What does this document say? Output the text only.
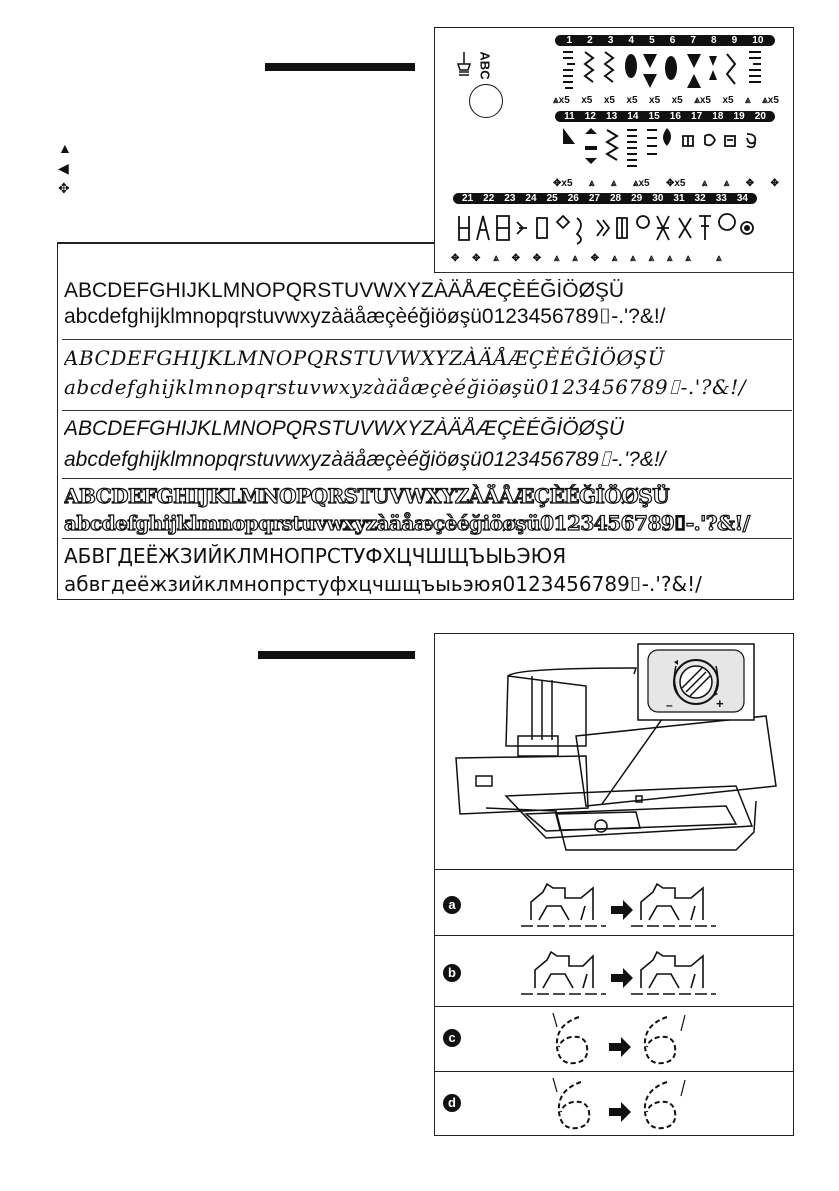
▲
◀
✥
ABC
1 2 3 4 5 6 7 8 9 10
⩓x5 x5 x5 x5 x5 x5 ⩓x5 x5 ⩓ ⩓x5
11 12 13 14 15 16 17 18 19 20
✥x5 ⩓ ⩓ ⩓x5 ✥x5 ⩓ ⩓ ✥ ✥
21 22 23 24 25 26 27 28 29 30 31 32 33 34
✥ ✥ ⩓ ✥ ✥ ⩓ ⩓ ✥ ⩓ ⩓ ⩓ ⩓ ⩓	⩓
ABCDEFGHIJKLMNOPQRSTUVWXYZÀÄÅÆÇÈÉĞİÖØŞÜ
abcdefghijklmnopqrstuvwxyzàäåæçèéğiöøşü0123456789⌷-.'?&!/
ABCDEFGHIJKLMNOPQRSTUVWXYZÀÄÅÆÇÈÉĞİÖØŞÜ
abcdefghijklmnopqrstuvwxyzàäåæçèéğiöøşü0123456789⌷-.'?&!/
ABCDEFGHIJKLMNOPQRSTUVWXYZÀÄÅÆÇÈÉĞİÖØŞÜ
abcdefghijklmnopqrstuvwxyzàäåæçèéğiöøşü0123456789⌷-.'?&!/
ABCDEFGHIJKLMNOPQRSTUVWXYZÀÄÅÆÇÈÉĞİÖØŞÜ
abcdefghijklmnopqrstuvwxyzàäåæçèéğiöøşü0123456789⌷-.'?&!/
АБВГДЕЁЖЗИЙКЛМНОПРСТУФХЦЧШЩЪЫЬЭЮЯ
абвгдеёжзийклмнопрстуфхцчшщъыьэюя0123456789⌷-.'?&!/
–	+
a
b
c
d
